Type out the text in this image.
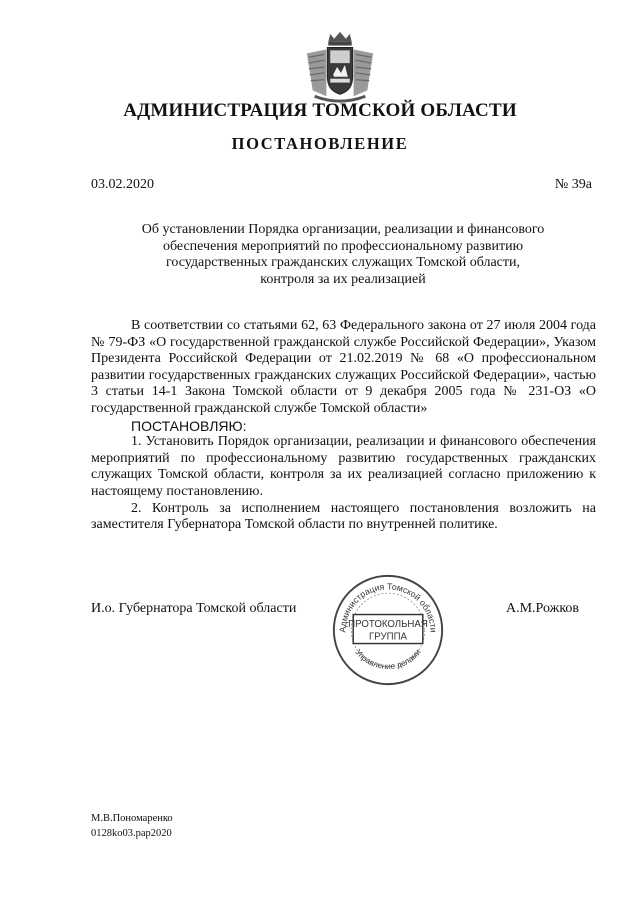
АДМИНИСТРАЦИЯ ТОМСКОЙ ОБЛАСТИ
ПОСТАНОВЛЕНИЕ
03.02.2020	№ 39а
Об установлении Порядка организации, реализации и финансового
обеспечения мероприятий по профессиональному развитию
государственных гражданских служащих Томской области,
контроля за их реализацией

В соответствии со статьями 62, 63 Федерального закона от 27 июля 2004 года № 79-ФЗ «О государственной гражданской службе Российской Федерации», Указом Президента Российской Федерации от 21.02.2019 № 68 «О профессиональном развитии государственных гражданских служащих Российской Федерации», частью 3 статьи 14-1 Закона Томской области от 9 декабря 2005 года № 231-ОЗ «О государственной гражданской службе Томской области»

ПОСТАНОВЛЯЮ:

1. Установить Порядок организации, реализации и финансового обеспечения мероприятий по профессиональному развитию государственных гражданских служащих Томской области, контроля за их реализацией согласно приложению к настоящему постановлению.

2. Контроль за исполнением настоящего постановления возложить на заместителя Губернатора Томской области по внутренней политике.

И.о. Губернатора Томской области	А.М.Рожков
Администрация Томской области
Управление делами
ПРОТОКОЛЬНАЯ
ГРУППА
М.В.Пономаренко
0128ko03.pap2020
